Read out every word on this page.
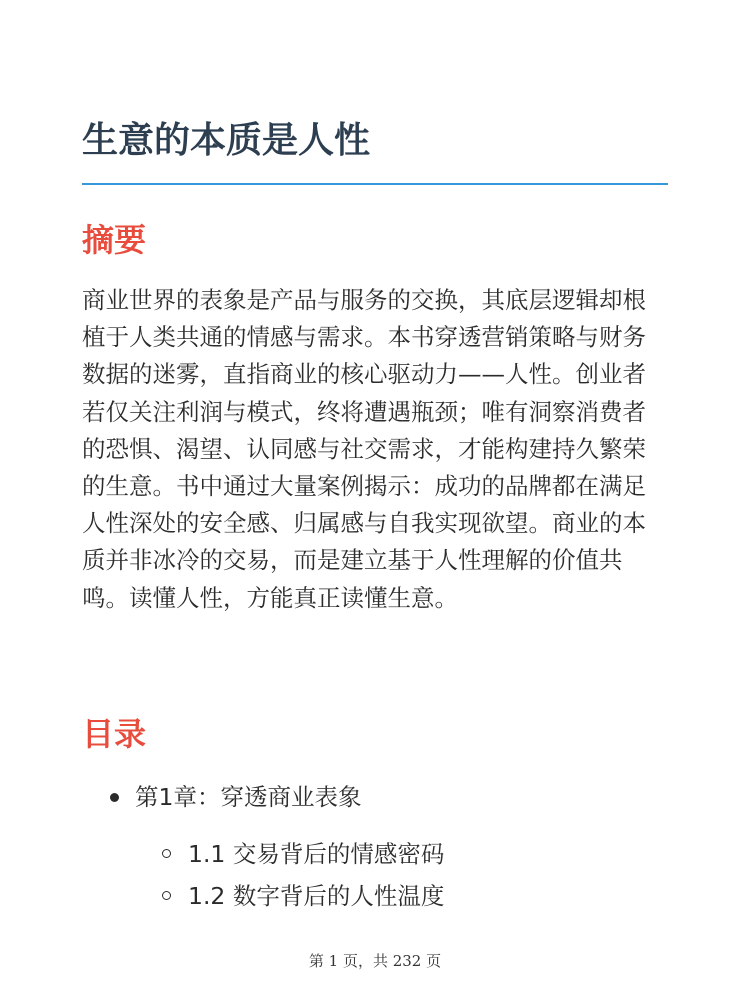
生意的本质是人性
摘要

商业世界的表象是产品与服务的交换，其底层逻辑却根植于人类共通的情感与需求。本书穿透营销策略与财务数据的迷雾，直指商业的核心驱动力——人性。创业者若仅关注利润与模式，终将遭遇瓶颈；唯有洞察消费者的恐惧、渴望、认同感与社交需求，才能构建持久繁荣的生意。书中通过大量案例揭示：成功的品牌都在满足人性深处的安全感、归属感与自我实现欲望。商业的本质并非冰冷的交易，而是建立基于人性理解的价值共鸣。读懂人性，方能真正读懂生意。

目录
第1章：穿透商业表象
1.1 交易背后的情感密码
1.2 数字背后的人性温度
第 1 页，共 232 页
